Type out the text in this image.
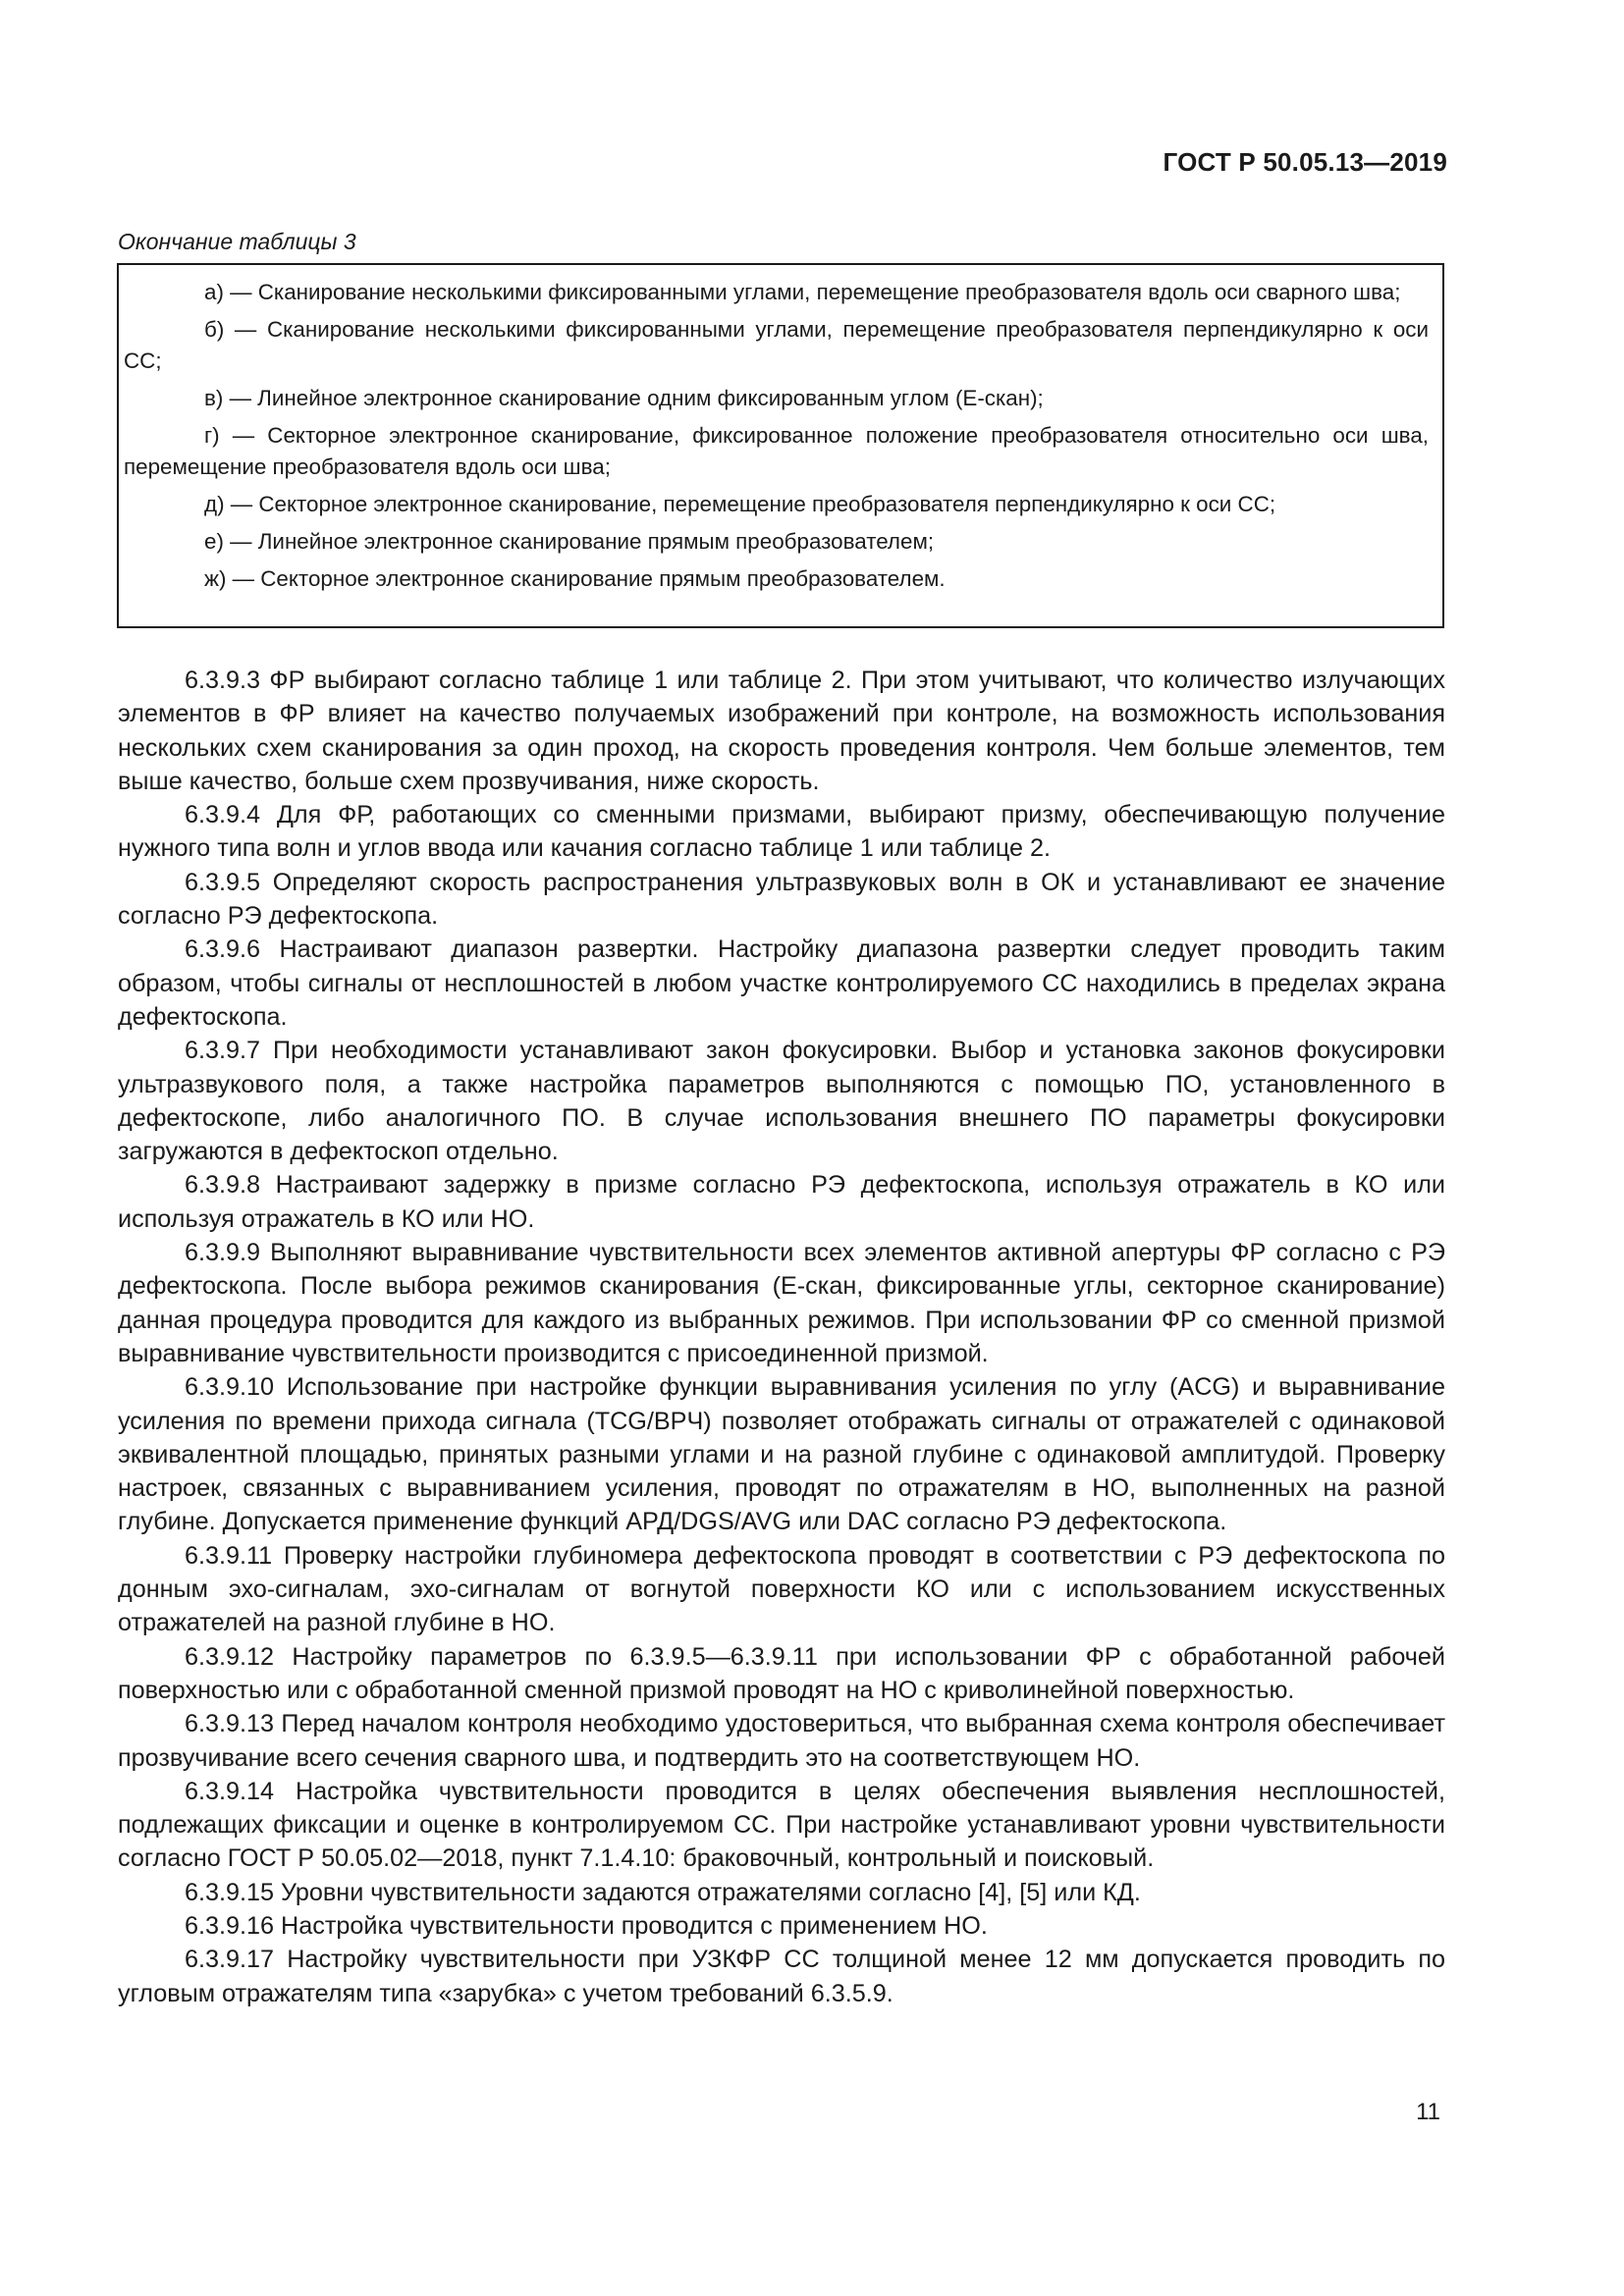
ГОСТ Р 50.05.13—2019
Окончание таблицы 3

а) — Сканирование несколькими фиксированными углами, перемещение преобразователя вдоль оси сварного шва;

б) — Сканирование несколькими фиксированными углами, перемещение преобразователя перпендикулярно к оси СС;

в) — Линейное электронное сканирование одним фиксированным углом (Е-скан);

г) — Секторное электронное сканирование, фиксированное положение преобразователя относительно оси шва, перемещение преобразователя вдоль оси шва;

д) — Секторное электронное сканирование, перемещение преобразователя перпендикулярно к оси СС;

е) — Линейное электронное сканирование прямым преобразователем;

ж) — Секторное электронное сканирование прямым преобразователем.

6.3.9.3 ФР выбирают согласно таблице 1 или таблице 2. При этом учитывают, что количество излучающих элементов в ФР влияет на качество получаемых изображений при контроле, на возможность использования нескольких схем сканирования за один проход, на скорость проведения контроля. Чем больше элементов, тем выше качество, больше схем прозвучивания, ниже скорость.

6.3.9.4 Для ФР, работающих со сменными призмами, выбирают призму, обеспечивающую получение нужного типа волн и углов ввода или качания согласно таблице 1 или таблице 2.

6.3.9.5 Определяют скорость распространения ультразвуковых волн в ОК и устанавливают ее значение согласно РЭ дефектоскопа.

6.3.9.6 Настраивают диапазон развертки. Настройку диапазона развертки следует проводить таким образом, чтобы сигналы от несплошностей в любом участке контролируемого СС находились в пределах экрана дефектоскопа.

6.3.9.7 При необходимости устанавливают закон фокусировки. Выбор и установка законов фокусировки ультразвукового поля, а также настройка параметров выполняются с помощью ПО, установленного в дефектоскопе, либо аналогичного ПО. В случае использования внешнего ПО параметры фокусировки загружаются в дефектоскоп отдельно.

6.3.9.8 Настраивают задержку в призме согласно РЭ дефектоскопа, используя отражатель в КО или используя отражатель в КО или НО.

6.3.9.9 Выполняют выравнивание чувствительности всех элементов активной апертуры ФР согласно с РЭ дефектоскопа. После выбора режимов сканирования (Е-скан, фиксированные углы, секторное сканирование) данная процедура проводится для каждого из выбранных режимов. При использовании ФР со сменной призмой выравнивание чувствительности производится с присоединенной призмой.

6.3.9.10 Использование при настройке функции выравнивания усиления по углу (ACG) и выравнивание усиления по времени прихода сигнала (TCG/ВРЧ) позволяет отображать сигналы от отражателей с одинаковой эквивалентной площадью, принятых разными углами и на разной глубине с одинаковой амплитудой. Проверку настроек, связанных с выравниванием усиления, проводят по отражателям в НО, выполненных на разной глубине. Допускается применение функций АРД/DGS/AVG или DAC согласно РЭ дефектоскопа.

6.3.9.11 Проверку настройки глубиномера дефектоскопа проводят в соответствии с РЭ дефектоскопа по донным эхо-сигналам, эхо-сигналам от вогнутой поверхности КО или с использованием искусственных отражателей на разной глубине в НО.

6.3.9.12 Настройку параметров по 6.3.9.5—6.3.9.11 при использовании ФР с обработанной рабочей поверхностью или с обработанной сменной призмой проводят на НО с криволинейной поверхностью.

6.3.9.13 Перед началом контроля необходимо удостовериться, что выбранная схема контроля обеспечивает прозвучивание всего сечения сварного шва, и подтвердить это на соответствующем НО.

6.3.9.14 Настройка чувствительности проводится в целях обеспечения выявления несплошностей, подлежащих фиксации и оценке в контролируемом СС. При настройке устанавливают уровни чувствительности согласно ГОСТ Р 50.05.02—2018, пункт 7.1.4.10: браковочный, контрольный и поисковый.

6.3.9.15 Уровни чувствительности задаются отражателями согласно [4], [5] или КД.

6.3.9.16 Настройка чувствительности проводится с применением НО.

6.3.9.17 Настройку чувствительности при УЗКФР СС толщиной менее 12 мм допускается проводить по угловым отражателям типа «зарубка» с учетом требований 6.3.5.9.

11
